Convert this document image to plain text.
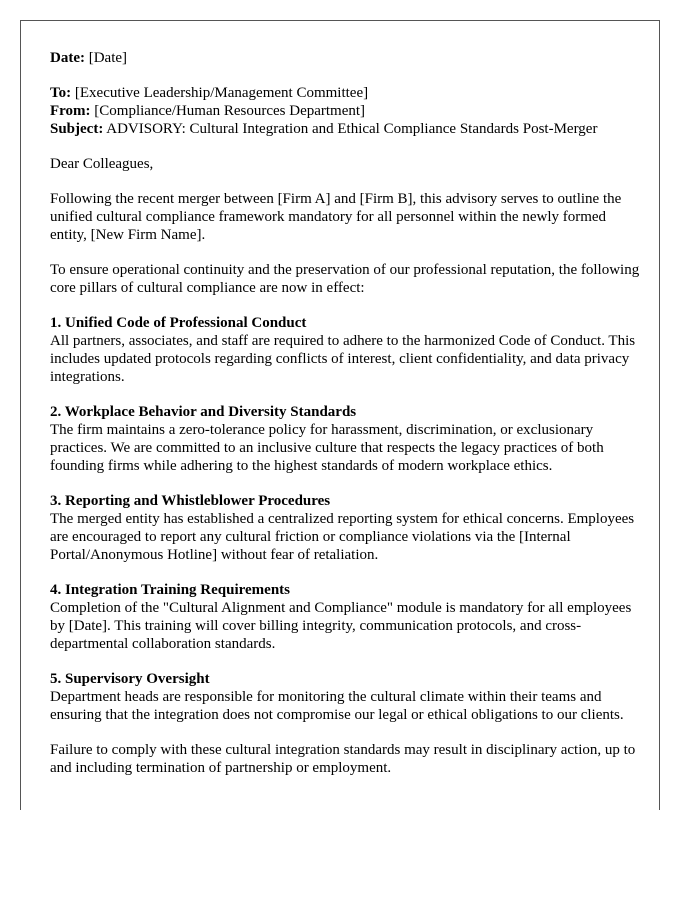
Date: [Date]

To: [Executive Leadership/Management Committee]

From: [Compliance/Human Resources Department]

Subject: ADVISORY: Cultural Integration and Ethical Compliance Standards Post-Merger

Dear Colleagues,

Following the recent merger between [Firm A] and [Firm B], this advisory serves to outline the unified cultural compliance framework mandatory for all personnel within the newly formed entity, [New Firm Name].

To ensure operational continuity and the preservation of our professional reputation, the following core pillars of cultural compliance are now in effect:

1. Unified Code of Professional Conduct

All partners, associates, and staff are required to adhere to the harmonized Code of Conduct. This includes updated protocols regarding conflicts of interest, client confidentiality, and data privacy integrations.

2. Workplace Behavior and Diversity Standards

The firm maintains a zero-tolerance policy for harassment, discrimination, or exclusionary practices. We are committed to an inclusive culture that respects the legacy practices of both founding firms while adhering to the highest standards of modern workplace ethics.

3. Reporting and Whistleblower Procedures

The merged entity has established a centralized reporting system for ethical concerns. Employees are encouraged to report any cultural friction or compliance violations via the [Internal Portal/Anonymous Hotline] without fear of retaliation.

4. Integration Training Requirements

Completion of the "Cultural Alignment and Compliance" module is mandatory for all employees by [Date]. This training will cover billing integrity, communication protocols, and cross-departmental collaboration standards.

5. Supervisory Oversight

Department heads are responsible for monitoring the cultural climate within their teams and ensuring that the integration does not compromise our legal or ethical obligations to our clients.

Failure to comply with these cultural integration standards may result in disciplinary action, up to and including termination of partnership or employment.
